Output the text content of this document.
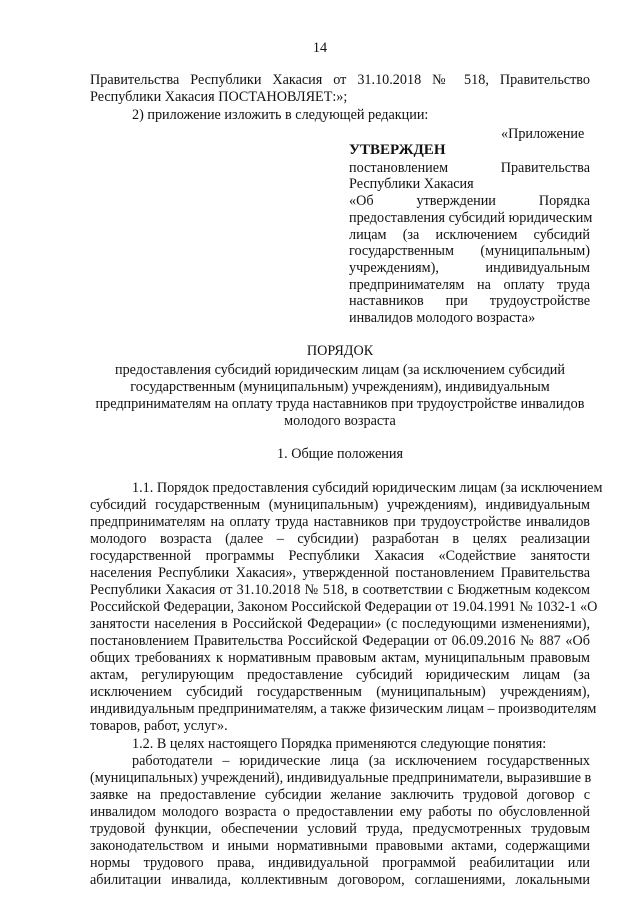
14
Правительства Республики Хакасия от 31.10.2018 № 518, Правительство
Республики Хакасия ПОСТАНОВЛЯЕТ:»;
2) приложение изложить в следующей редакции:
«Приложение
УТВЕРЖДЕН
постановлением Правительства
Республики Хакасия
«Об утверждении Порядка
предоставления субсидий юридическим
лицам (за исключением субсидий
государственным (муниципальным)
учреждениям), индивидуальным
предпринимателям на оплату труда
наставников при трудоустройстве
инвалидов молодого возраста»
ПОРЯДОК
предоставления субсидий юридическим лицам (за исключением субсидий
государственным (муниципальным) учреждениям), индивидуальным
предпринимателям на оплату труда наставников при трудоустройстве инвалидов
молодого возраста
1. Общие положения
1.1. Порядок предоставления субсидий юридическим лицам (за исключением
субсидий государственным (муниципальным) учреждениям), индивидуальным
предпринимателям на оплату труда наставников при трудоустройстве инвалидов
молодого возраста (далее – субсидии) разработан в целях реализации
государственной программы Республики Хакасия «Содействие занятости
населения Республики Хакасия», утвержденной постановлением Правительства
Республики Хакасия от 31.10.2018 № 518, в соответствии с Бюджетным кодексом
Российской Федерации, Законом Российской Федерации от 19.04.1991 № 1032-1 «О
занятости населения в Российской Федерации» (с последующими изменениями),
постановлением Правительства Российской Федерации от 06.09.2016 № 887 «Об
общих требованиях к нормативным правовым актам, муниципальным правовым
актам, регулирующим предоставление субсидий юридическим лицам (за
исключением субсидий государственным (муниципальным) учреждениям),
индивидуальным предпринимателям, а также физическим лицам – производителям
товаров, работ, услуг».
1.2. В целях настоящего Порядка применяются следующие понятия:
работодатели – юридические лица (за исключением государственных
(муниципальных) учреждений), индивидуальные предприниматели, выразившие в
заявке на предоставление субсидии желание заключить трудовой договор с
инвалидом молодого возраста о предоставлении ему работы по обусловленной
трудовой функции, обеспечении условий труда, предусмотренных трудовым
законодательством и иными нормативными правовыми актами, содержащими
нормы трудового права, индивидуальной программой реабилитации или
абилитации инвалида, коллективным договором, соглашениями, локальными
